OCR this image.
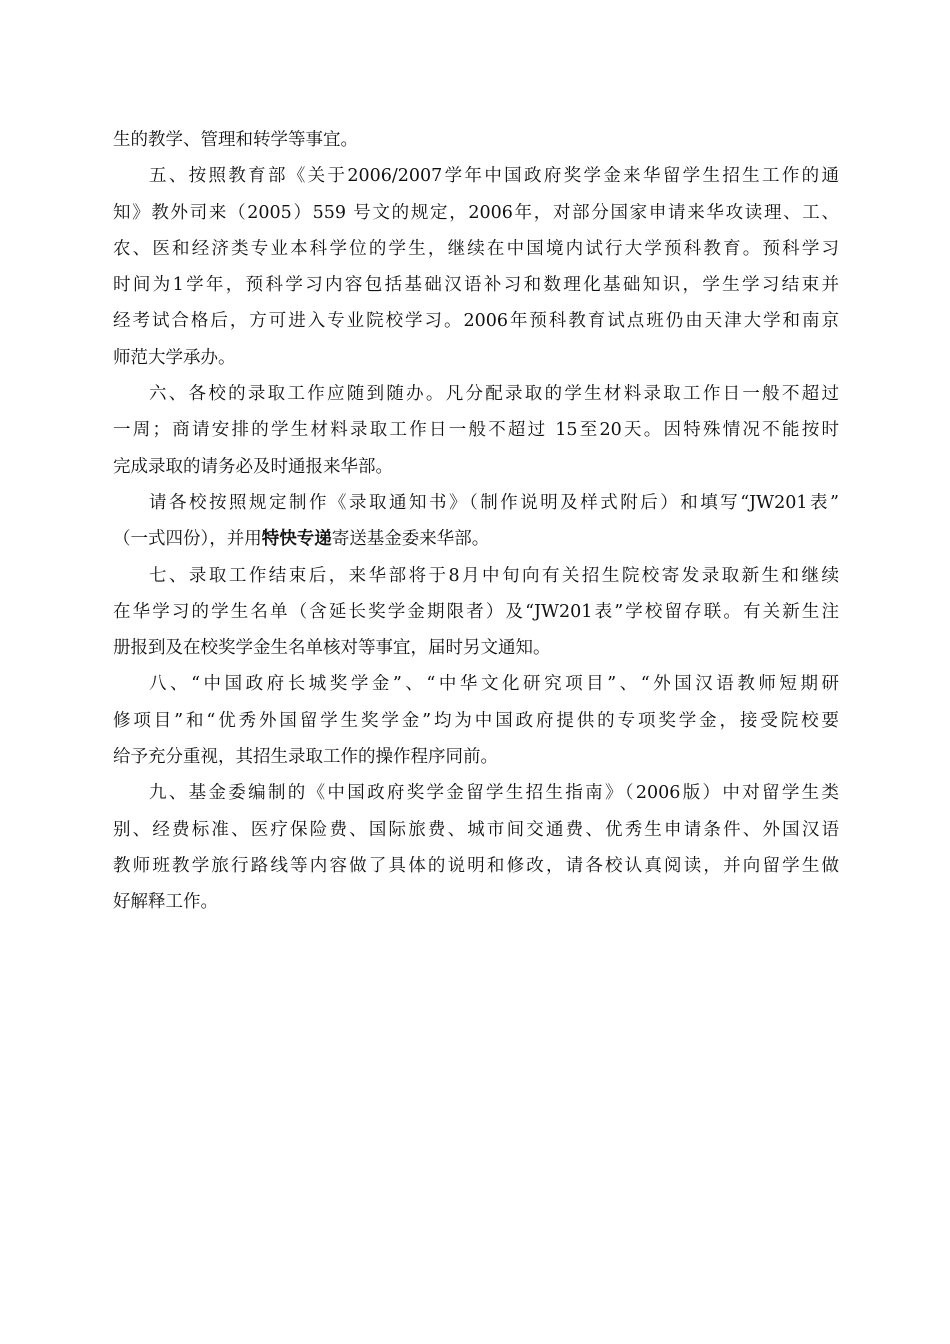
生的教学、管理和转学等事宜。
五、按照教育部《关于2006/2007学年中国政府奖学金来华留学生招生工作的通
知》教外司来（2005）559 号文的规定，2006年，对部分国家申请来华攻读理、工、
农、医和经济类专业本科学位的学生，继续在中国境内试行大学预科教育。预科学习
时间为1学年，预科学习内容包括基础汉语补习和数理化基础知识，学生学习结束并
经考试合格后，方可进入专业院校学习。2006年预科教育试点班仍由天津大学和南京
师范大学承办。
六、各校的录取工作应随到随办。凡分配录取的学生材料录取工作日一般不超过
一周；商请安排的学生材料录取工作日一般不超过 15至20天。因特殊情况不能按时
完成录取的请务必及时通报来华部。
请各校按照规定制作《录取通知书》（制作说明及样式附后）和填写“JW201表”
（一式四份），并用特快专递寄送基金委来华部。
七、录取工作结束后，来华部将于8月中旬向有关招生院校寄发录取新生和继续
在华学习的学生名单（含延长奖学金期限者）及“JW201表”学校留存联。有关新生注
册报到及在校奖学金生名单核对等事宜，届时另文通知。
八、“中国政府长城奖学金”、“中华文化研究项目”、“外国汉语教师短期研
修项目”和“优秀外国留学生奖学金”均为中国政府提供的专项奖学金，接受院校要
给予充分重视，其招生录取工作的操作程序同前。
九、基金委编制的《中国政府奖学金留学生招生指南》（2006版）中对留学生类
别、经费标准、医疗保险费、国际旅费、城市间交通费、优秀生申请条件、外国汉语
教师班教学旅行路线等内容做了具体的说明和修改，请各校认真阅读，并向留学生做
好解释工作。
